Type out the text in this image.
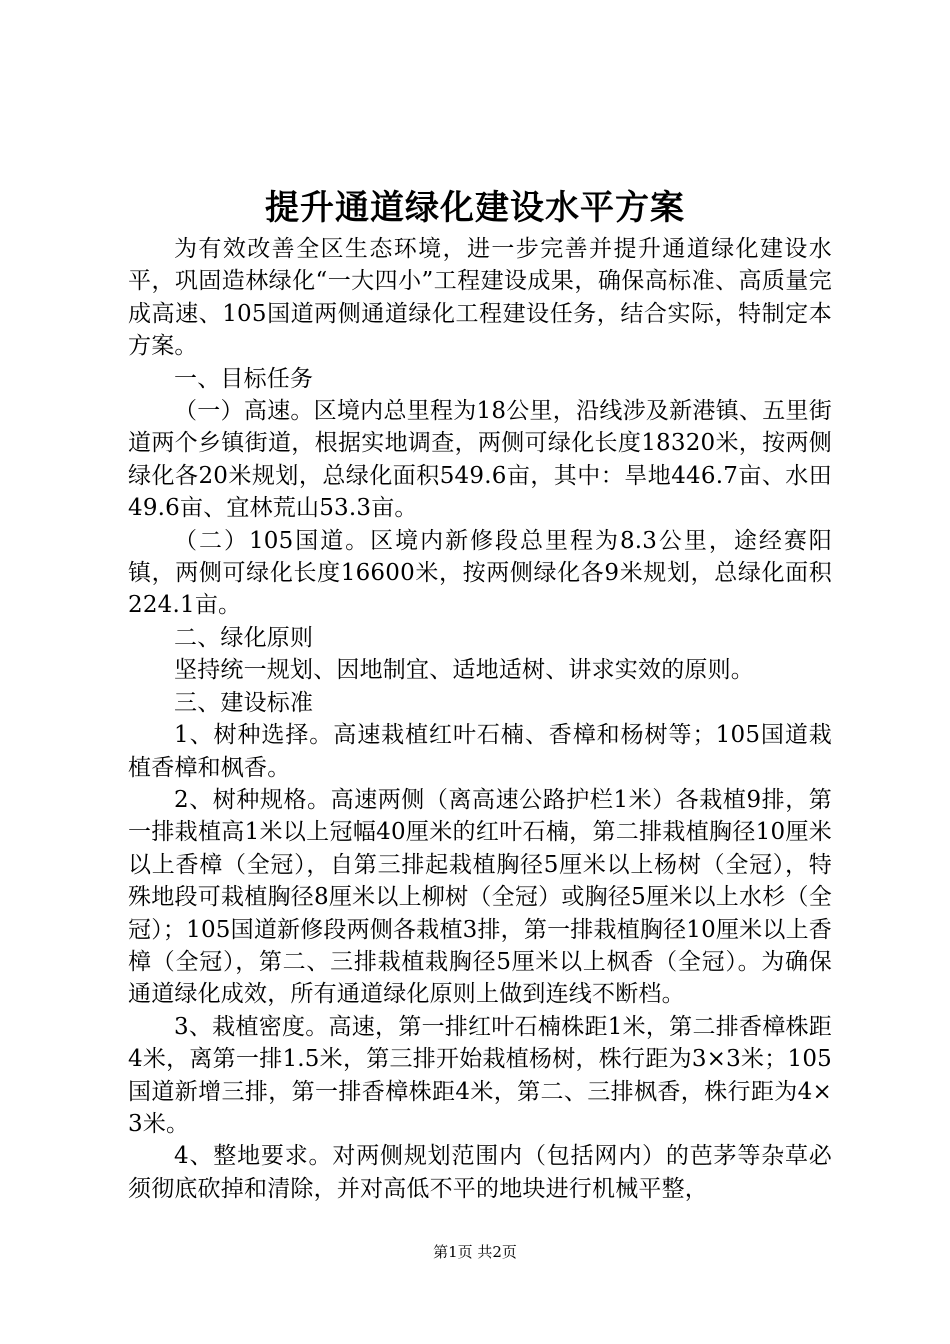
提升通道绿化建设水平方案

为有效改善全区生态环境，进一步完善并提升通道绿化建设水平，巩固造林绿化“一大四小”工程建设成果，确保高标准、高质量完成高速、105国道两侧通道绿化工程建设任务，结合实际，特制定本方案。

一、目标任务

（一）高速。区境内总里程为18公里，沿线涉及新港镇、五里街道两个乡镇街道，根据实地调查，两侧可绿化长度18320米，按两侧绿化各20米规划，总绿化面积549.6亩，其中：旱地446.7亩、水田49.6亩、宜林荒山53.3亩。

（二）105国道。区境内新修段总里程为8.3公里，途经赛阳镇，两侧可绿化长度16600米，按两侧绿化各9米规划，总绿化面积224.1亩。

二、绿化原则

坚持统一规划、因地制宜、适地适树、讲求实效的原则。

三、建设标准

1、树种选择。高速栽植红叶石楠、香樟和杨树等；105国道栽植香樟和枫香。

2、树种规格。高速两侧（离高速公路护栏1米）各栽植9排，第一排栽植高1米以上冠幅40厘米的红叶石楠，第二排栽植胸径10厘米以上香樟（全冠），自第三排起栽植胸径5厘米以上杨树（全冠），特殊地段可栽植胸径8厘米以上柳树（全冠）或胸径5厘米以上水杉（全冠）；105国道新修段两侧各栽植3排，第一排栽植胸径10厘米以上香樟（全冠），第二、三排栽植栽胸径5厘米以上枫香（全冠）。为确保通道绿化成效，所有通道绿化原则上做到连线不断档。

3、栽植密度。高速，第一排红叶石楠株距1米，第二排香樟株距4米，离第一排1.5米，第三排开始栽植杨树，株行距为3×3米；105国道新增三排，第一排香樟株距4米，第二、三排枫香，株行距为4×3米。

4、整地要求。对两侧规划范围内（包括网内）的芭茅等杂草必须彻底砍掉和清除，并对高低不平的地块进行机械平整，

第1页 共2页
